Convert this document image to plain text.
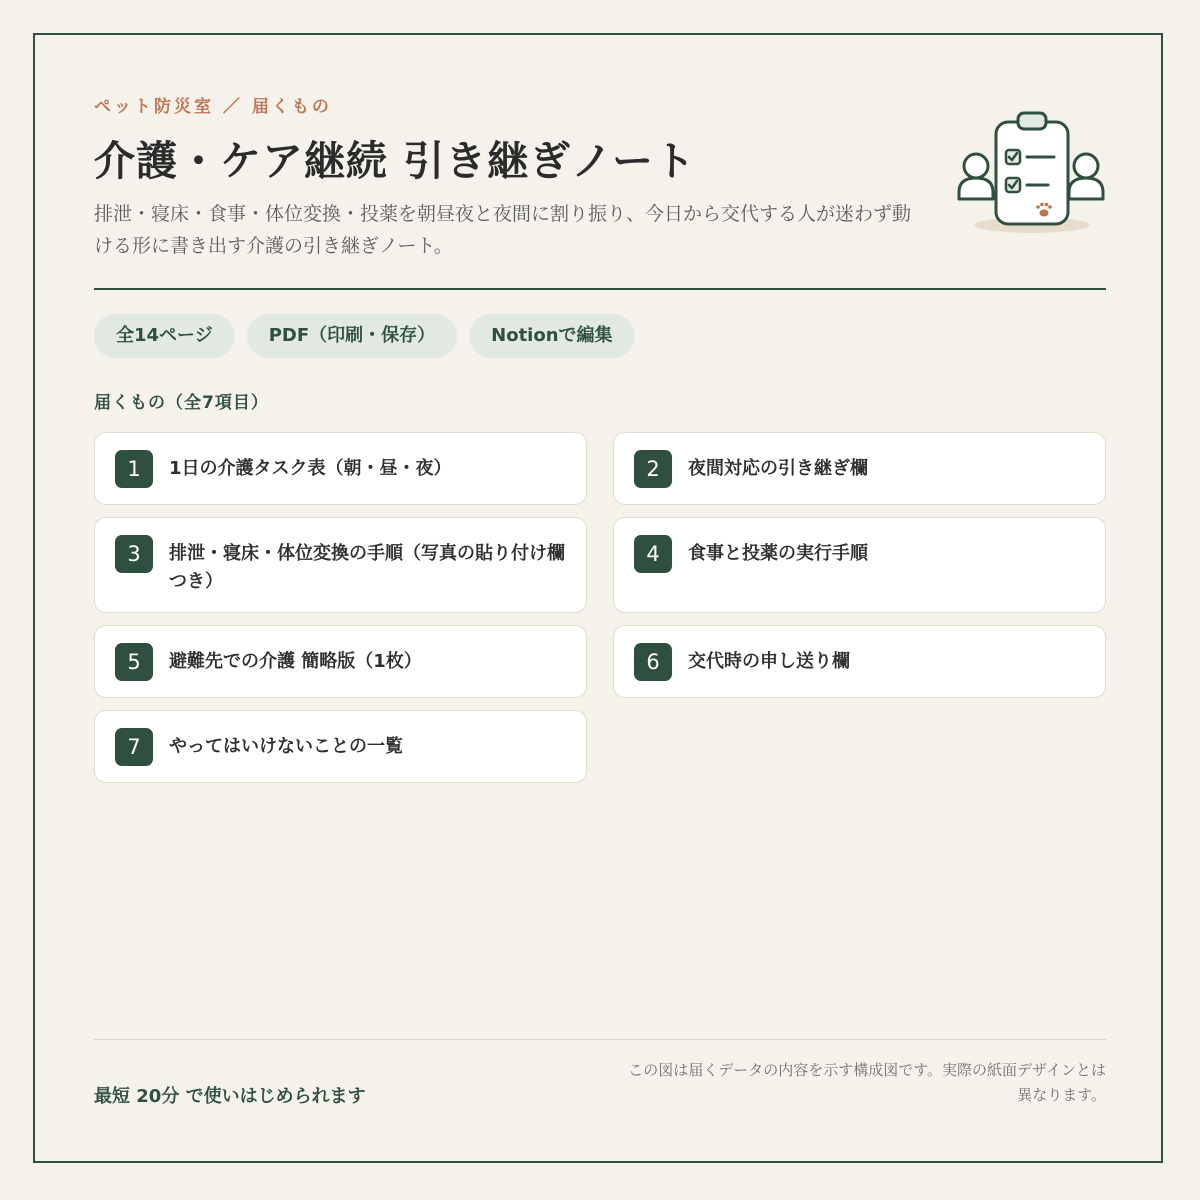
ペット防災室 ／ 届くもの
介護・ケア継続 引き継ぎノート
排泄・寝床・食事・体位変換・投薬を朝昼夜と夜間に割り振り、今日から交代する人が迷わず動ける形に書き出す介護の引き継ぎノート。
全14ページ	PDF（印刷・保存）	Notionで編集
届くもの（全7項目）
1	1日の介護タスク表（朝・昼・夜）	2	夜間対応の引き継ぎ欄
3	排泄・寝床・体位変換の手順（写真の貼り付け欄つき）
4	食事と投薬の実行手順
5	避難先での介護 簡略版（1枚）	6	交代時の申し送り欄
7	やってはいけないことの一覧
最短 20分 で使いはじめられます
この図は届くデータの内容を示す構成図です。実際の紙面デザインとは異なります。
